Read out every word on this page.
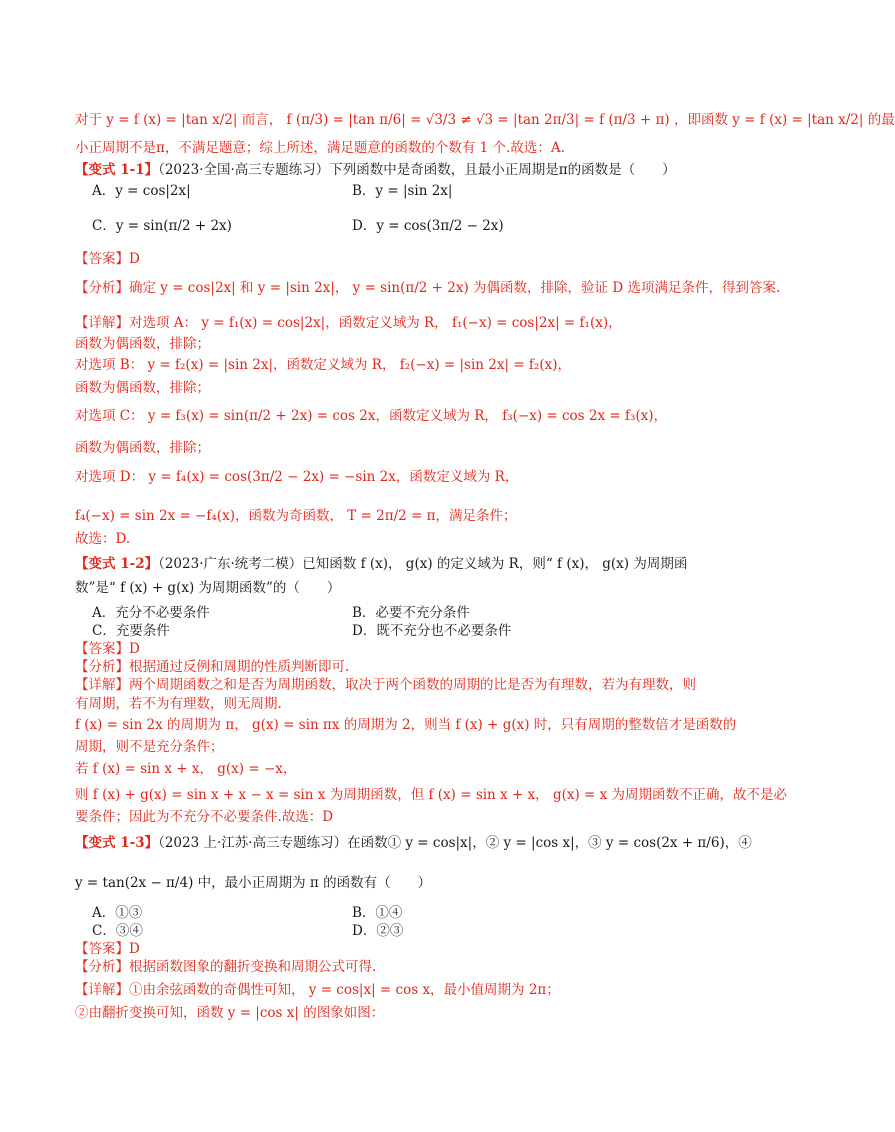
对于 y = f (x) = |tan x/2| 而言， f (π/3) = |tan π/6| = √3/3 ≠ √3 = |tan 2π/3| = f (π/3 + π) ，即函数 y = f (x) = |tan x/2| 的最
小正周期不是π，不满足题意；综上所述，满足题意的函数的个数有 1 个.故选：A.
【变式 1-1】（2023·全国·高三专题练习）下列函数中是奇函数，且最小正周期是π的函数是（　　）
A．y = cos|2x|	B．y = |sin 2x|
C．y = sin(π/2 + 2x)	D．y = cos(3π/2 − 2x)
【答案】D
【分析】确定 y = cos|2x| 和 y = |sin 2x|， y = sin(π/2 + 2x) 为偶函数，排除，验证 D 选项满足条件，得到答案.
【详解】对选项 A： y = f₁(x) = cos|2x|，函数定义域为 R， f₁(−x) = cos|2x| = f₁(x)，
函数为偶函数，排除；
对选项 B： y = f₂(x) = |sin 2x|，函数定义域为 R， f₂(−x) = |sin 2x| = f₂(x)，
函数为偶函数，排除；
对选项 C： y = f₃(x) = sin(π/2 + 2x) = cos 2x，函数定义域为 R， f₃(−x) = cos 2x = f₃(x)，
函数为偶函数，排除；
对选项 D： y = f₄(x) = cos(3π/2 − 2x) = −sin 2x，函数定义域为 R，
f₄(−x) = sin 2x = −f₄(x)，函数为奇函数， T = 2π/2 = π，满足条件；
故选：D.
【变式 1-2】（2023·广东·统考二模）已知函数 f (x)， g(x) 的定义域为 R，则“ f (x)， g(x) 为周期函
数”是“ f (x) + g(x) 为周期函数”的（　　）
A．充分不必要条件	B．必要不充分条件
C．充要条件	D．既不充分也不必要条件
【答案】D
【分析】根据通过反例和周期的性质判断即可.
【详解】两个周期函数之和是否为周期函数，取决于两个函数的周期的比是否为有理数，若为有理数，则
有周期，若不为有理数，则无周期.
f (x) = sin 2x 的周期为 π， g(x) = sin πx 的周期为 2，则当 f (x) + g(x) 时，只有周期的整数倍才是函数的
周期，则不是充分条件；
若 f (x) = sin x + x， g(x) = −x，
则 f (x) + g(x) = sin x + x − x = sin x 为周期函数，但 f (x) = sin x + x， g(x) = x 为周期函数不正确，故不是必
要条件；因此为不充分不必要条件.故选：D
【变式 1-3】（2023 上·江苏·高三专题练习）在函数① y = cos|x|，② y = |cos x|，③ y = cos(2x + π/6)，④
y = tan(2x − π/4) 中，最小正周期为 π 的函数有（　　）
A．①③	B．①④
C．③④	D．②③
【答案】D
【分析】根据函数图象的翻折变换和周期公式可得.
【详解】①由余弦函数的奇偶性可知， y = cos|x| = cos x，最小值周期为 2π；
②由翻折变换可知，函数 y = |cos x| 的图象如图：
